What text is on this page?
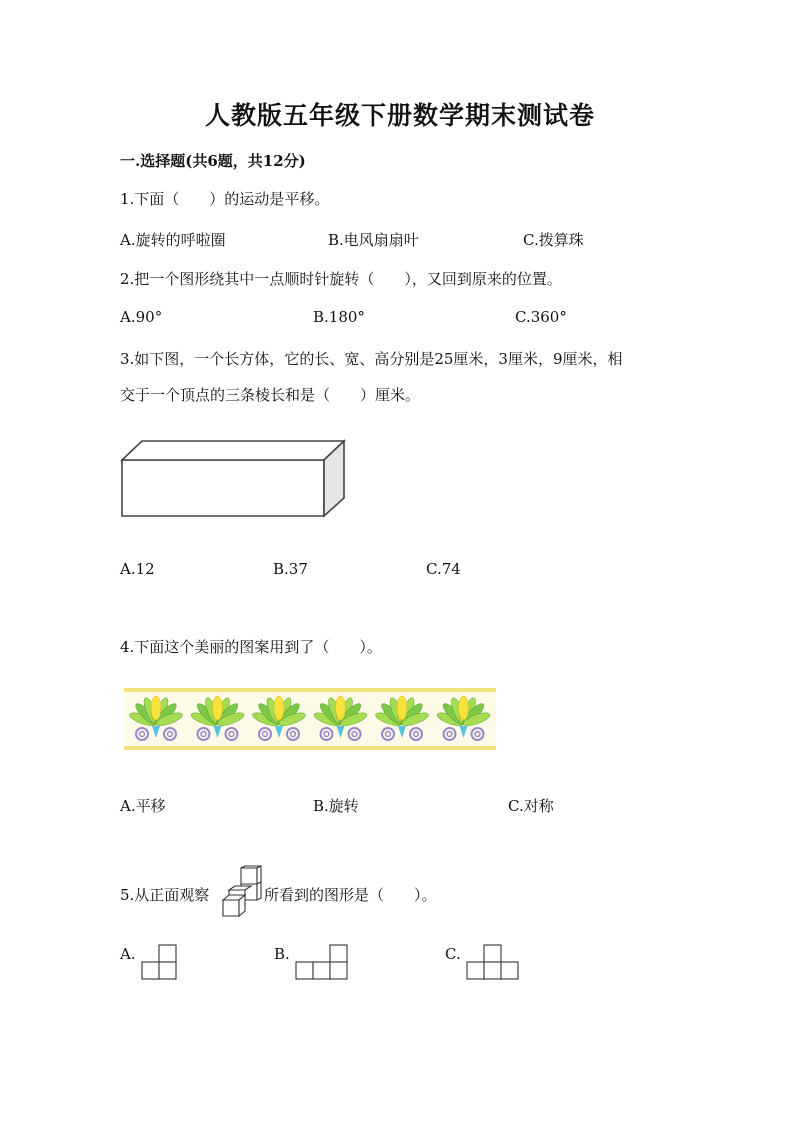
人教版五年级下册数学期末测试卷
一.选择题(共6题，共12分)
1.下面（　　）的运动是平移。
A.旋转的呼啦圈	B.电风扇扇叶	C.拨算珠
2.把一个图形绕其中一点顺时针旋转（　　），又回到原来的位置。
A.90°	B.180°	C.360°
3.如下图，一个长方体，它的长、宽、高分别是25厘米，3厘米，9厘米，相
交于一个顶点的三条棱长和是（　　）厘米。
A.12	B.37	C.74
4.下面这个美丽的图案用到了（　　）。
A.平移	B.旋转	C.对称
5.从正面观察	所看到的图形是（　　）。
A.	B.	C.
